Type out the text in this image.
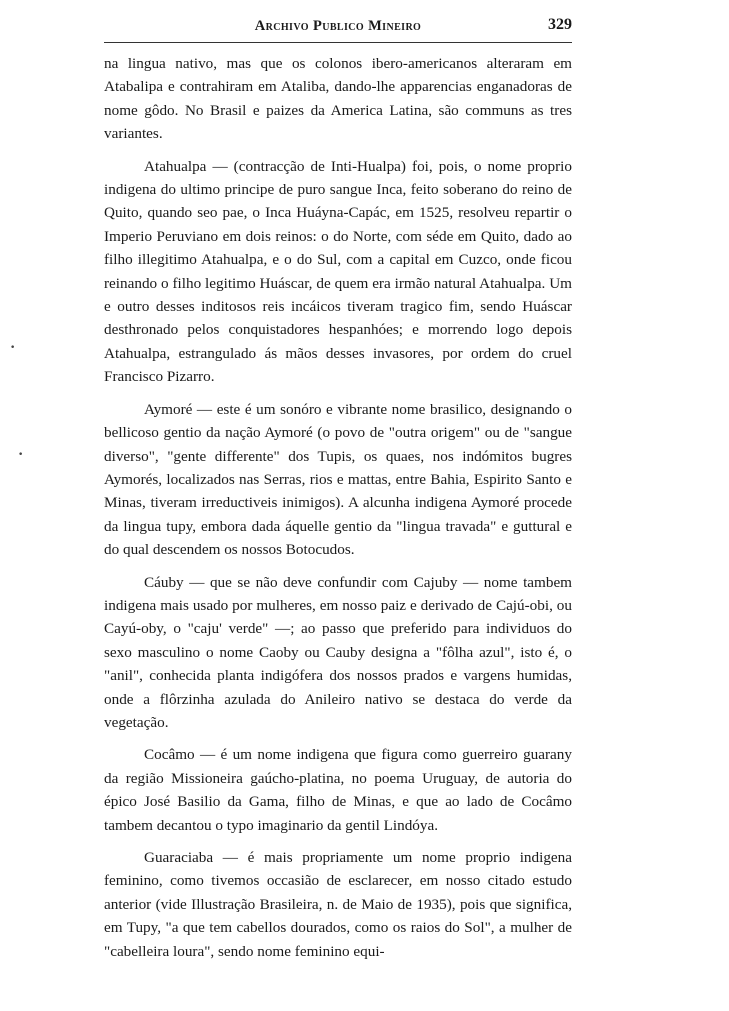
Archivo Publico Mineiro	329
•
•

na lingua nativo, mas que os colonos ibero-americanos alteraram em Atabalipa e contrahiram em Ataliba, dando-lhe apparencias enganadoras de nome gôdo. No Brasil e paizes da America Latina, são communs as tres variantes.

Atahualpa — (contracção de Inti-Hualpa) foi, pois, o nome proprio indigena do ultimo principe de puro sangue Inca, feito soberano do reino de Quito, quando seo pae, o Inca Huáyna-Capác, em 1525, resolveu repartir o Imperio Peruviano em dois reinos: o do Norte, com séde em Quito, dado ao filho illegitimo Atahualpa, e o do Sul, com a capital em Cuzco, onde ficou reinando o filho legitimo Huáscar, de quem era irmão natural Atahualpa. Um e outro desses inditosos reis incáicos tiveram tragico fim, sendo Huáscar desthronado pelos conquistadores hespanhóes; e morrendo logo depois Atahualpa, estrangulado ás mãos desses invasores, por ordem do cruel Francisco Pizarro.

Aymoré — este é um sonóro e vibrante nome brasilico, designando o bellicoso gentio da nação Aymoré (o povo de "outra origem" ou de "sangue diverso", "gente differente" dos Tupis, os quaes, nos indómitos bugres Aymorés, localizados nas Serras, rios e mattas, entre Bahia, Espirito Santo e Minas, tiveram irreductiveis inimigos). A alcunha indigena Aymoré procede da lingua tupy, embora dada áquelle gentio da "lingua travada" e guttural e do qual descendem os nossos Botocudos.

Cáuby — que se não deve confundir com Cajuby — nome tambem indigena mais usado por mulheres, em nosso paiz e derivado de Cajú-obi, ou Cayú-oby, o "caju' verde" —; ao passo que preferido para individuos do sexo masculino o nome Caoby ou Cauby designa a "fôlha azul", isto é, o "anil", conhecida planta indigófera dos nossos prados e vargens humidas, onde a flôrzinha azulada do Anileiro nativo se destaca do verde da vegetação.

Cocâmo — é um nome indigena que figura como guerreiro guarany da região Missioneira gaúcho-platina, no poema Uruguay, de autoria do épico José Basilio da Gama, filho de Minas, e que ao lado de Cocâmo tambem decantou o typo imaginario da gentil Lindóya.

Guaraciaba — é mais propriamente um nome proprio indigena feminino, como tivemos occasião de esclarecer, em nosso citado estudo anterior (vide Illustração Brasileira, n. de Maio de 1935), pois que significa, em Tupy, "a que tem cabellos dourados, como os raios do Sol", a mulher de "cabelleira loura", sendo nome feminino equi-
